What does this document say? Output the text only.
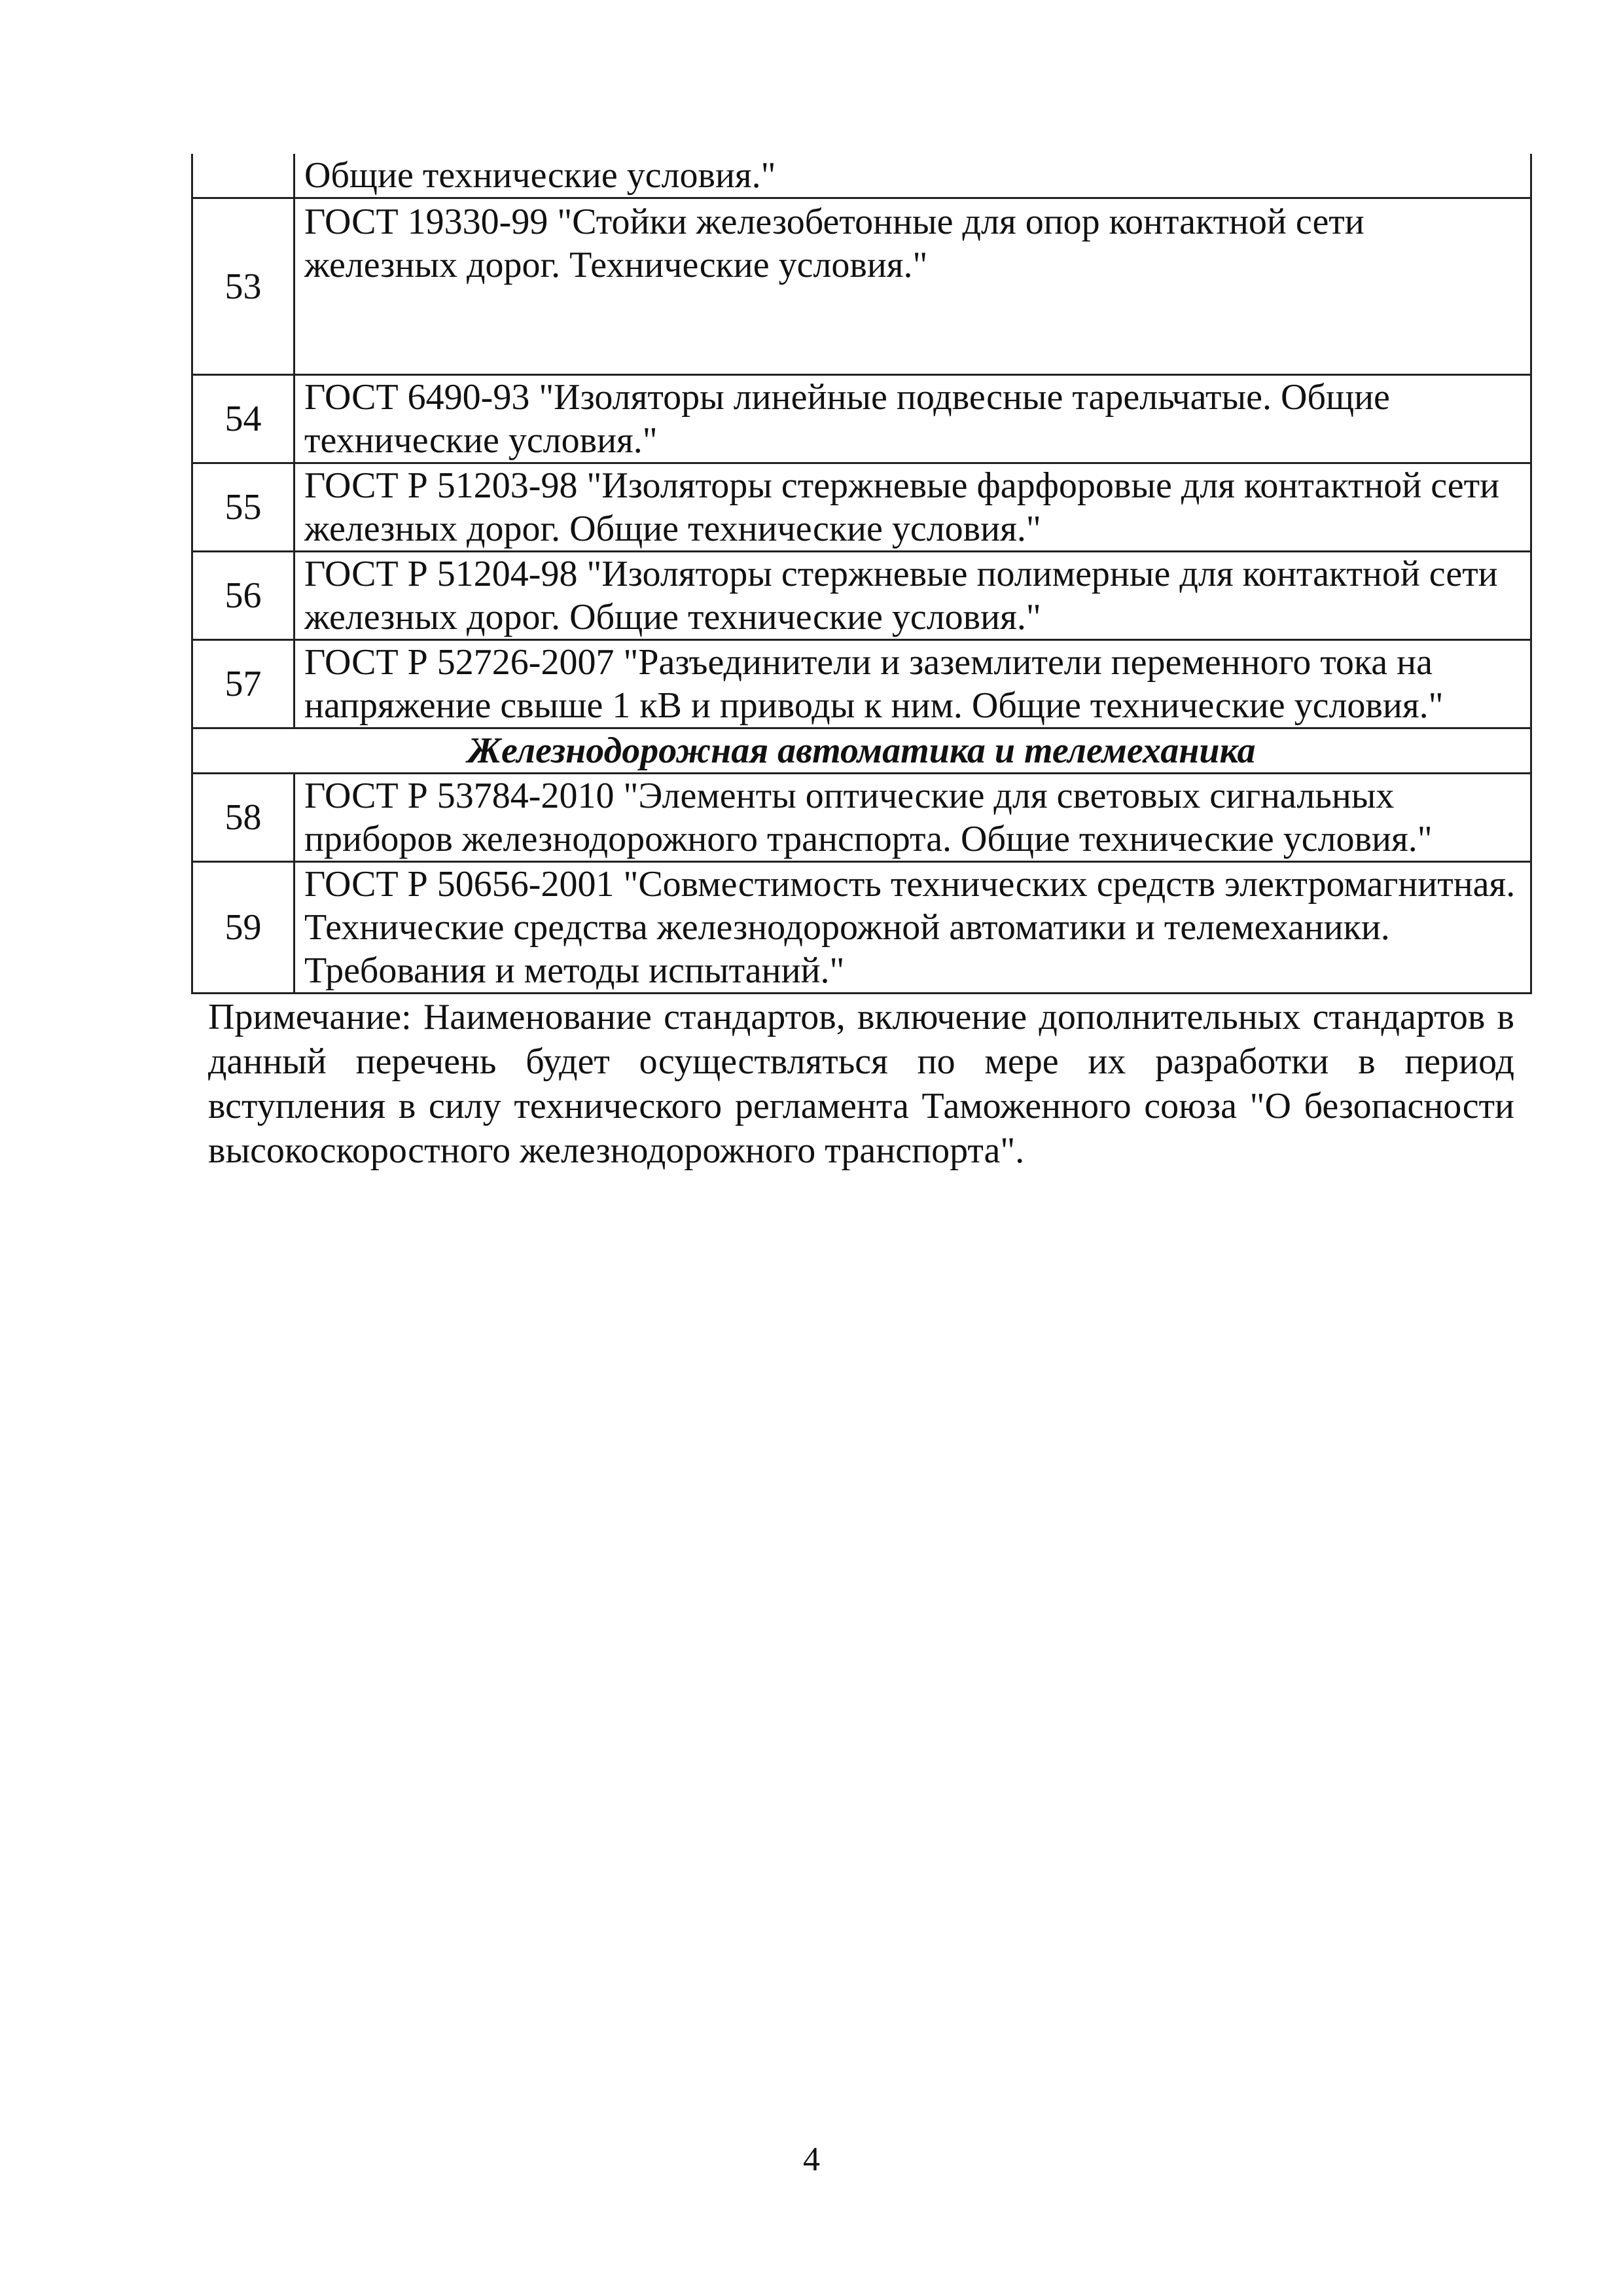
	Общие технические условия."
53	ГОСТ 19330-99 "Стойки железобетонные для опор контактной сети железных дорог. Технические условия."
54	ГОСТ 6490-93 "Изоляторы линейные подвесные тарельчатые. Общие технические условия."
55	ГОСТ Р 51203-98 "Изоляторы стержневые фарфоровые для контактной сети железных дорог. Общие технические условия."
56	ГОСТ Р 51204-98 "Изоляторы стержневые полимерные для контактной сети железных дорог. Общие технические условия."
57	ГОСТ Р 52726-2007 "Разъединители и заземлители переменного тока на напряжение свыше 1 кВ и приводы к ним. Общие технические условия."
Железнодорожная автоматика и телемеханика	
58	ГОСТ Р 53784-2010 "Элементы оптические для световых сигнальных приборов железнодорожного транспорта. Общие технические условия."
59	ГОСТ Р 50656-2001 "Совместимость технических средств электромагнитная. Технические средства железнодорожной автоматики и телемеханики. Требования и методы испытаний."

Примечание: Наименование стандартов, включение дополнительных стандартов в данный перечень будет осуществляться по мере их разработки в период вступления в силу технического регламента Таможенного союза "О безопасности высокоскоростного железнодорожного транспорта".

4
